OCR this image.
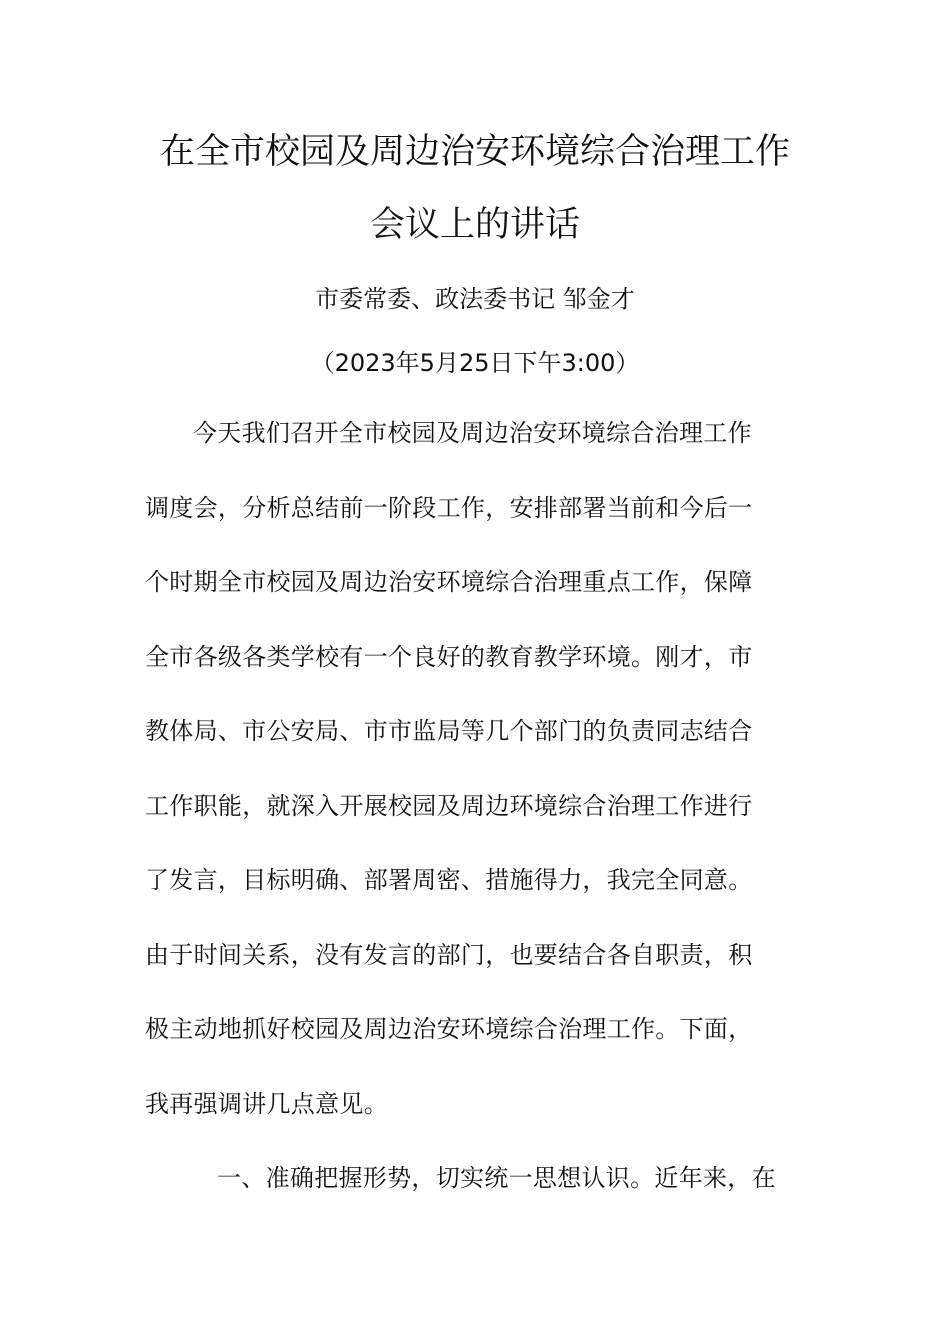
在全市校园及周边治安环境综合治理工作
会议上的讲话
市委常委、政法委书记 邹金才
（2023年5月25日下午3:00）
今天我们召开全市校园及周边治安环境综合治理工作
调度会，分析总结前一阶段工作，安排部署当前和今后一
个时期全市校园及周边治安环境综合治理重点工作，保障
全市各级各类学校有一个良好的教育教学环境。刚才，市
教体局、市公安局、市市监局等几个部门的负责同志结合
工作职能，就深入开展校园及周边环境综合治理工作进行
了发言，目标明确、部署周密、措施得力，我完全同意。
由于时间关系，没有发言的部门，也要结合各自职责，积
极主动地抓好校园及周边治安环境综合治理工作。下面，
我再强调讲几点意见。
一、准确把握形势，切实统一思想认识。近年来，在
